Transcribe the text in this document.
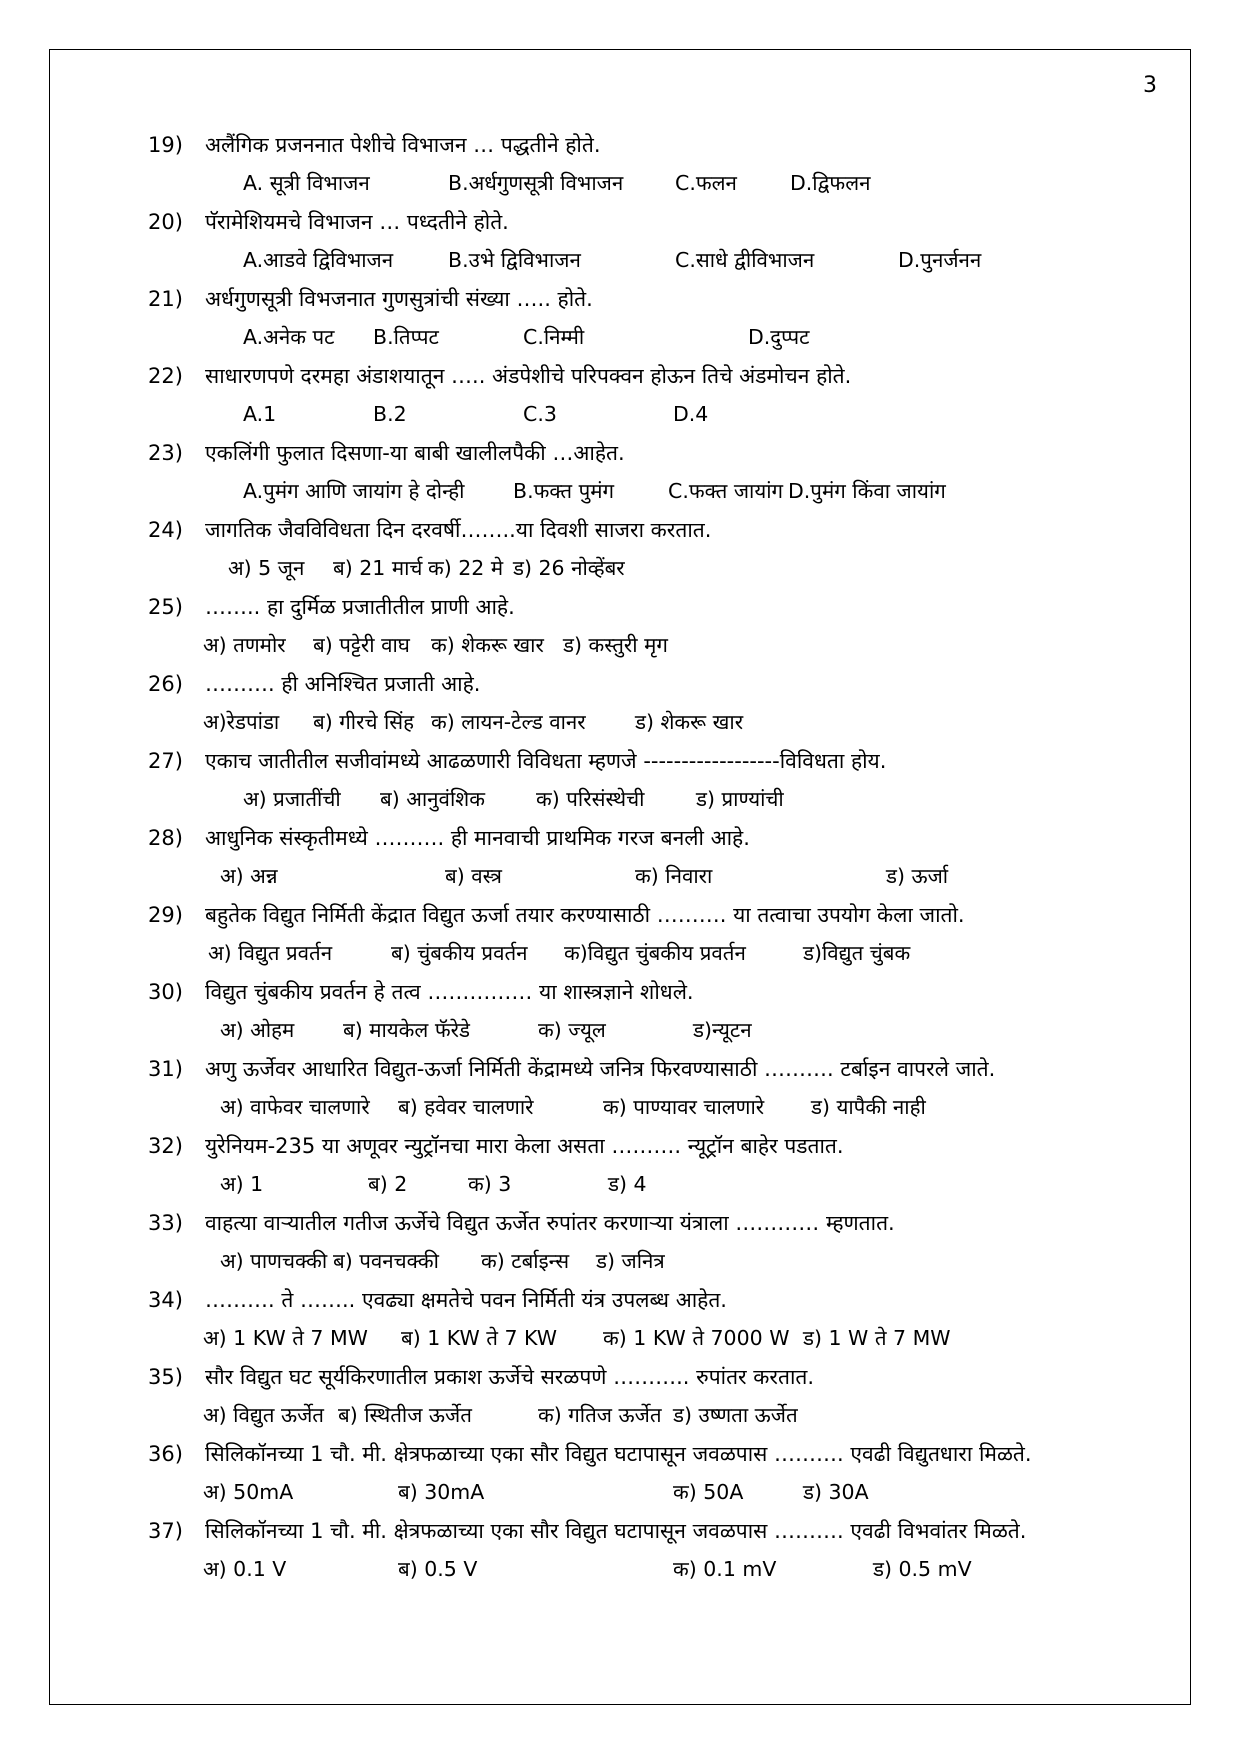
3
19) अलैंगिक प्रजननात पेशीचे विभाजन … पद्धतीने होते.
A. सूत्री विभाजन	B.अर्धगुणसूत्री विभाजन	C.फलन	D.द्विफलन
20) पॅरामेशियमचे विभाजन … पध्दतीने होते.
A.आडवे द्विविभाजन	B.उभे द्विविभाजन	C.साधे द्वीविभाजन	D.पुनर्जनन
21) अर्धगुणसूत्री विभजनात गुणसुत्रांची संख्या ….. होते.
A.अनेक पट B.तिप्पट	C.निम्मी	D.दुप्पट
22) साधारणपणे दरमहा अंडाशयातून ….. अंडपेशीचे परिपक्वन होऊन तिचे अंडमोचन होते.
A.1	B.2	C.3	D.4
23) एकलिंगी फुलात दिसणा-या बाबी खालीलपैकी …आहेत.
A.पुमंग आणि जायांग हे दोन्ही B.फक्त पुमंग	C.फक्त जायांग D.पुमंग किंवा जायांग
24) जागतिक जैवविविधता दिन दरवर्षी……..या दिवशी साजरा करतात.
अ) 5 जून ब) 21 मार्च क) 22 मे ड) 26 नोव्हेंबर
25) …….. हा दुर्मिळ प्रजातीतील प्राणी आहे.
अ) तणमोर ब) पट्टेरी वाघ क) शेकरू खार ड) कस्तुरी मृग
26) ………. ही अनिश्चित प्रजाती आहे.
अ)रेडपांडा ब) गीरचे सिंह क) लायन-टेल्ड वानर ड) शेकरू खार
27) एकाच जातीतील सजीवांमध्ये आढळणारी विविधता म्हणजे ------------------विविधता होय.
अ) प्रजातींची ब) आनुवंशिक क) परिसंस्थेची	ड) प्राण्यांची
28) आधुनिक संस्कृतीमध्ये ………. ही मानवाची प्राथमिक गरज बनली आहे.
अ) अन्न	ब) वस्त्र	क) निवारा	ड) ऊर्जा
29) बहुतेक विद्युत निर्मिती केंद्रात विद्युत ऊर्जा तयार करण्यासाठी ………. या तत्वाचा उपयोग केला जातो.
अ) विद्युत प्रवर्तन	ब) चुंबकीय प्रवर्तन क)विद्युत चुंबकीय प्रवर्तन	ड)विद्युत चुंबक
30) विद्युत चुंबकीय प्रवर्तन हे तत्व …………… या शास्त्रज्ञाने शोधले.
अ) ओहम ब) मायकेल फॅरेडे	क) ज्यूल	ड)न्यूटन
31) अणु ऊर्जेवर आधारित विद्युत-ऊर्जा निर्मिती केंद्रामध्ये जनित्र फिरवण्यासाठी ………. टर्बाइन वापरले जाते.
अ) वाफेवर चालणारे ब) हवेवर चालणारे	क) पाण्यावर चालणारे ड) यापैकी नाही
32) युरेनियम-235 या अणूवर न्युट्रॉनचा मारा केला असता ………. न्यूट्रॉन बाहेर पडतात.
अ) 1	ब) 2	क) 3	ड) 4
33) वाहत्या वाऱ्यातील गतीज ऊर्जेचे विद्युत ऊर्जेत रुपांतर करणाऱ्या यंत्राला ………… म्हणतात.
अ) पाणचक्की ब) पवनचक्की क) टर्बाइन्स ड) जनित्र
34) ………. ते …….. एवढ्या क्षमतेचे पवन निर्मिती यंत्र उपलब्ध आहेत.
अ) 1 KW ते 7 MW ब) 1 KW ते 7 KW क) 1 KW ते 7000 W ड) 1 W ते 7 MW
35) सौर विद्युत घट सूर्यकिरणातील प्रकाश ऊर्जेचे सरळपणे ……….. रुपांतर करतात.
अ) विद्युत ऊर्जेत ब) स्थितीज ऊर्जेत	क) गतिज ऊर्जेत ड) उष्णता ऊर्जेत
36) सिलिकॉनच्या 1 चौ. मी. क्षेत्रफळाच्या एका सौर विद्युत घटापासून जवळपास ………. एवढी विद्युतधारा मिळते.
अ) 50mA	ब) 30mA	क) 50A	ड) 30A
37) सिलिकॉनच्या 1 चौ. मी. क्षेत्रफळाच्या एका सौर विद्युत घटापासून जवळपास ………. एवढी विभवांतर मिळते.
अ) 0.1 V	ब) 0.5 V	क) 0.1 mV	ड) 0.5 mV
